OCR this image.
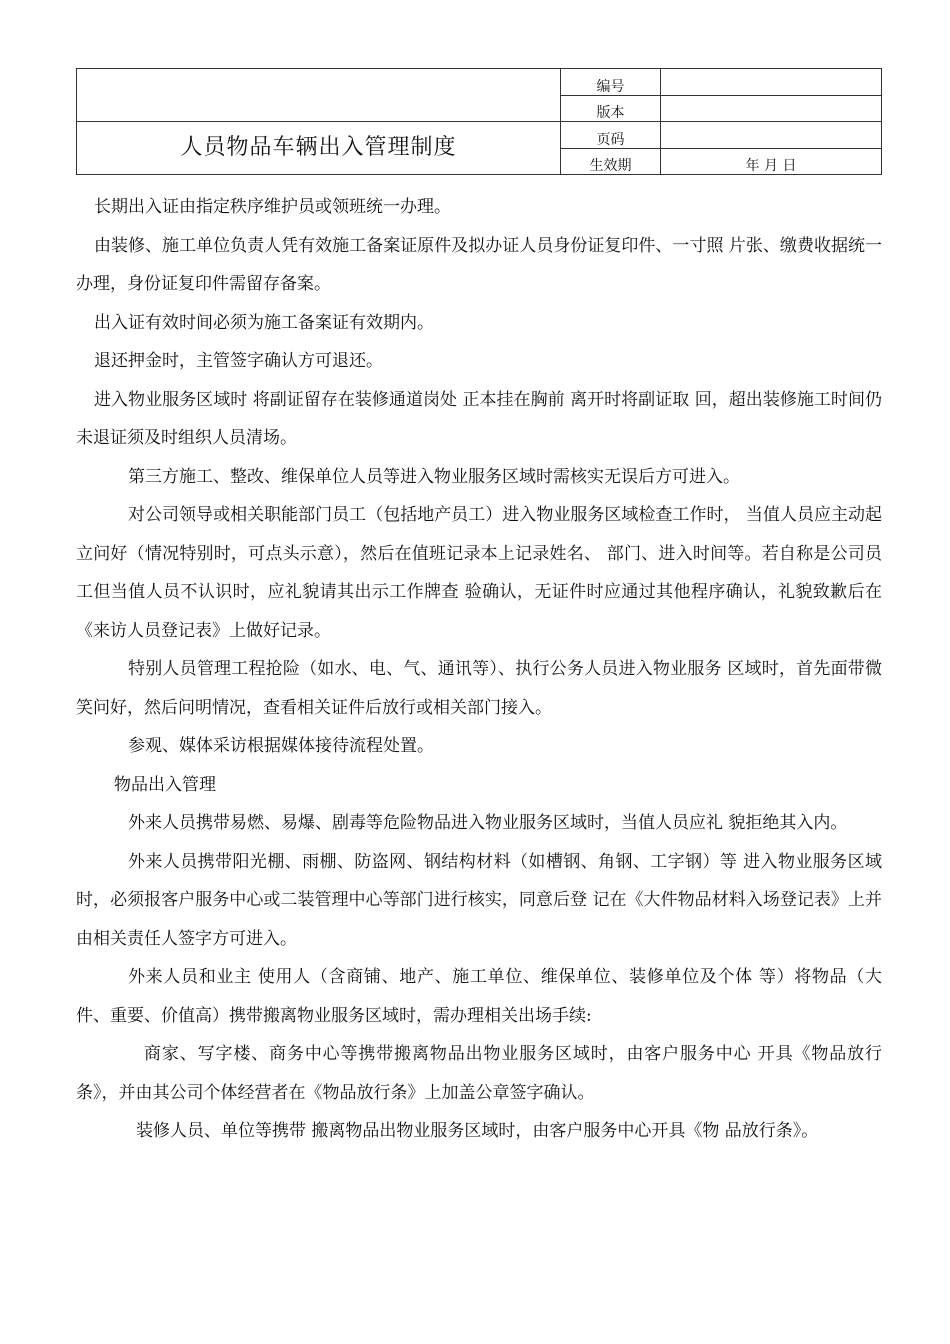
	编号	
	版本	
人员物品车辆出入管理制度	页码	
	生效期	年 月 日

长期出入证由指定秩序维护员或领班统一办理。

由装修、施工单位负责人凭有效施工备案证原件及拟办证人员身份证复印件、一寸照 片张、缴费收据统一办理，身份证复印件需留存备案。

出入证有效时间必须为施工备案证有效期内。

退还押金时，主管签字确认方可退还。

进入物业服务区域时 将副证留存在装修通道岗处 正本挂在胸前 离开时将副证取 回，超出装修施工时间仍未退证须及时组织人员清场。

第三方施工、整改、维保单位人员等进入物业服务区域时需核实无误后方可进入。

对公司领导或相关职能部门员工（包括地产员工）进入物业服务区域检查工作时， 当值人员应主动起立问好（情况特别时，可点头示意），然后在值班记录本上记录姓名、 部门、进入时间等。若自称是公司员工但当值人员不认识时，应礼貌请其出示工作牌查 验确认，无证件时应通过其他程序确认，礼貌致歉后在《来访人员登记表》上做好记录。

特别人员管理工程抢险（如水、电、气、通讯等）、执行公务人员进入物业服务 区域时，首先面带微笑问好，然后问明情况，查看相关证件后放行或相关部门接入。

参观、媒体采访根据媒体接待流程处置。

物品出入管理

外来人员携带易燃、易爆、剧毒等危险物品进入物业服务区域时，当值人员应礼 貌拒绝其入内。

外来人员携带阳光棚、雨棚、防盗网、钢结构材料（如槽钢、角钢、工字钢）等 进入物业服务区域时，必须报客户服务中心或二装管理中心等部门进行核实，同意后登 记在《大件物品材料入场登记表》上并由相关责任人签字方可进入。

外来人员和业主 使用人（含商铺、地产、施工单位、维保单位、装修单位及个体 等）将物品（大件、重要、价值高）携带搬离物业服务区域时，需办理相关出场手续:

商家、写字楼、商务中心等携带搬离物品出物业服务区域时，由客户服务中心 开具《物品放行条》，并由其公司个体经营者在《物品放行条》上加盖公章签字确认。

装修人员、单位等携带 搬离物品出物业服务区域时，由客户服务中心开具《物 品放行条》。
